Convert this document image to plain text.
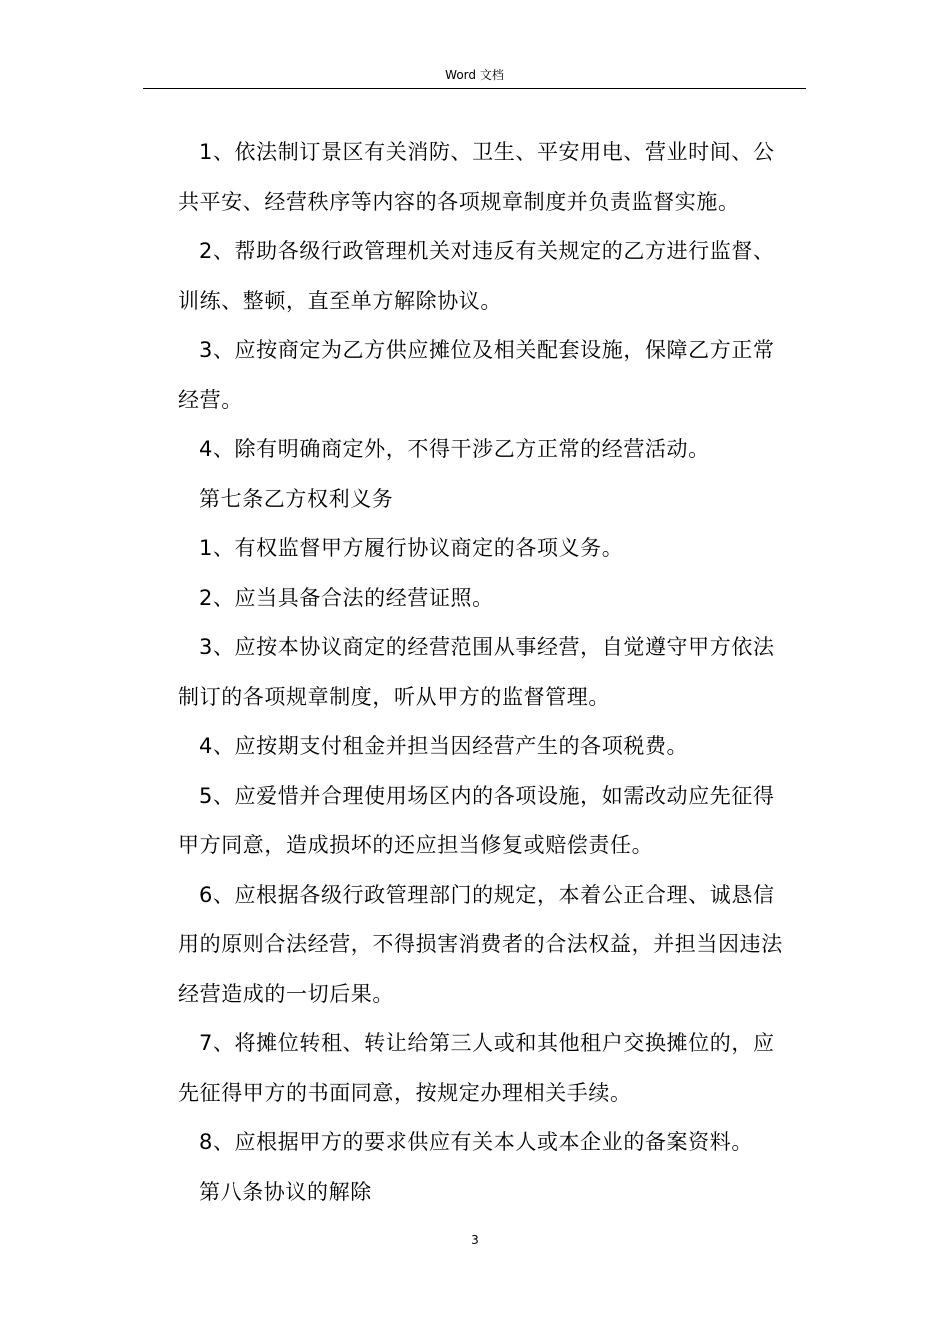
Word 文档

1、依法制订景区有关消防、卫生、平安用电、营业时间、公
共平安、经营秩序等内容的各项规章制度并负责监督实施。

2、帮助各级行政管理机关对违反有关规定的乙方进行监督、
训练、整顿，直至单方解除协议。

3、应按商定为乙方供应摊位及相关配套设施，保障乙方正常
经营。

4、除有明确商定外，不得干涉乙方正常的经营活动。

第七条乙方权利义务

1、有权监督甲方履行协议商定的各项义务。

2、应当具备合法的经营证照。

3、应按本协议商定的经营范围从事经营，自觉遵守甲方依法
制订的各项规章制度，听从甲方的监督管理。

4、应按期支付租金并担当因经营产生的各项税费。

5、应爱惜并合理使用场区内的各项设施，如需改动应先征得
甲方同意，造成损坏的还应担当修复或赔偿责任。

6、应根据各级行政管理部门的规定，本着公正合理、诚恳信
用的原则合法经营，不得损害消费者的合法权益，并担当因违法
经营造成的一切后果。

7、将摊位转租、转让给第三人或和其他租户交换摊位的，应
先征得甲方的书面同意，按规定办理相关手续。

8、应根据甲方的要求供应有关本人或本企业的备案资料。

第八条协议的解除

3
